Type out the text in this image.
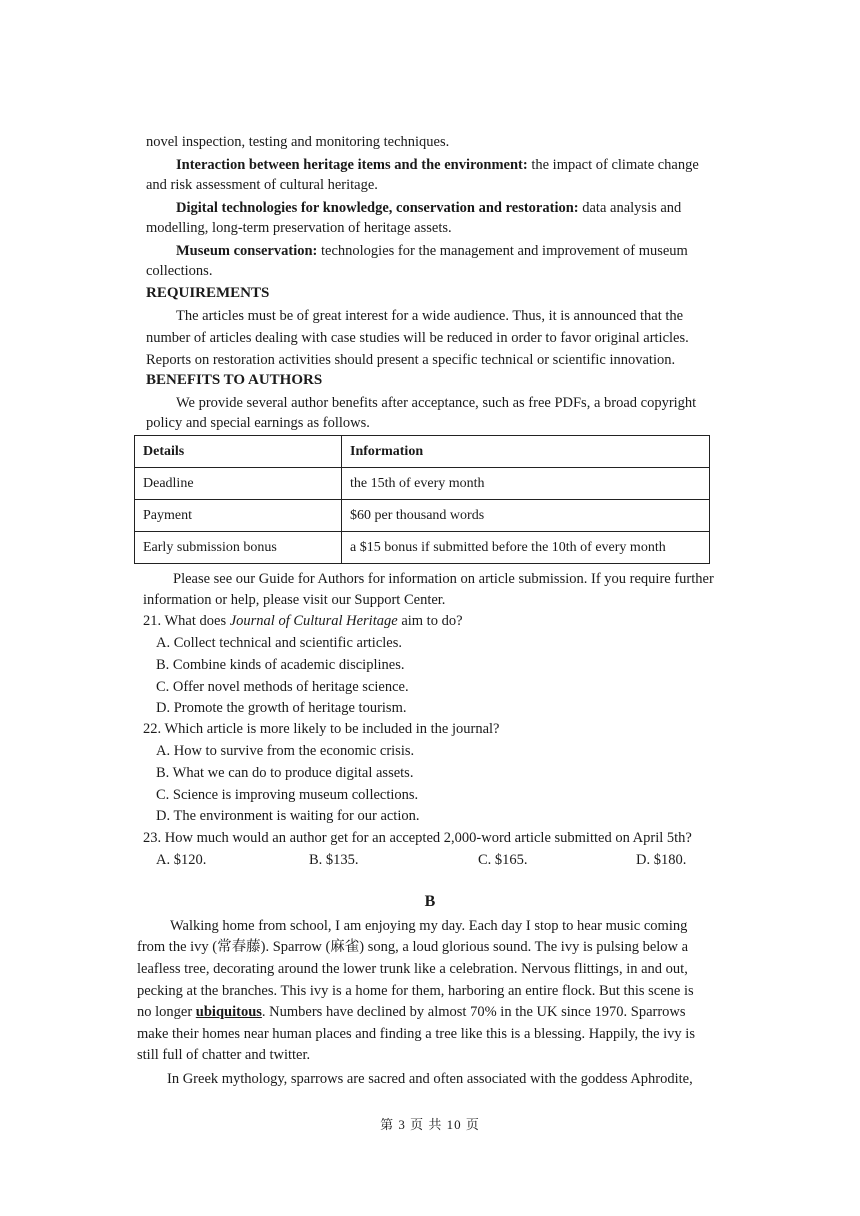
novel inspection, testing and monitoring techniques.
Interaction between heritage items and the environment: the impact of climate change
and risk assessment of cultural heritage.
Digital technologies for knowledge, conservation and restoration: data analysis and
modelling, long-term preservation of heritage assets.
Museum conservation: technologies for the management and improvement of museum
collections.
REQUIREMENTS
The articles must be of great interest for a wide audience. Thus, it is announced that the
number of articles dealing with case studies will be reduced in order to favor original articles.
Reports on restoration activities should present a specific technical or scientific innovation.
BENEFITS TO AUTHORS
We provide several author benefits after acceptance, such as free PDFs, a broad copyright
policy and special earnings as follows.
Details	Information
Deadline	the 15th of every month
Payment	$60 per thousand words
Early submission bonus	a $15 bonus if submitted before the 10th of every month
Please see our Guide for Authors for information on article submission. If you require further
information or help, please visit our Support Center.
21. What does Journal of Cultural Heritage aim to do?
A. Collect technical and scientific articles.
B. Combine kinds of academic disciplines.
C. Offer novel methods of heritage science.
D. Promote the growth of heritage tourism.
22. Which article is more likely to be included in the journal?
A. How to survive from the economic crisis.
B. What we can do to produce digital assets.
C. Science is improving museum collections.
D. The environment is waiting for our action.
23. How much would an author get for an accepted 2,000-word article submitted on April 5th?
A. $120.	B. $135.	C. $165.	D. $180.
B
Walking home from school, I am enjoying my day. Each day I stop to hear music coming
from the ivy (常春藤). Sparrow (麻雀) song, a loud glorious sound. The ivy is pulsing below a
leafless tree, decorating around the lower trunk like a celebration. Nervous flittings, in and out,
pecking at the branches. This ivy is a home for them, harboring an entire flock. But this scene is
no longer ubiquitous. Numbers have declined by almost 70% in the UK since 1970. Sparrows
make their homes near human places and finding a tree like this is a blessing. Happily, the ivy is
still full of chatter and twitter.
In Greek mythology, sparrows are sacred and often associated with the goddess Aphrodite,
第 3 页 共 10 页
